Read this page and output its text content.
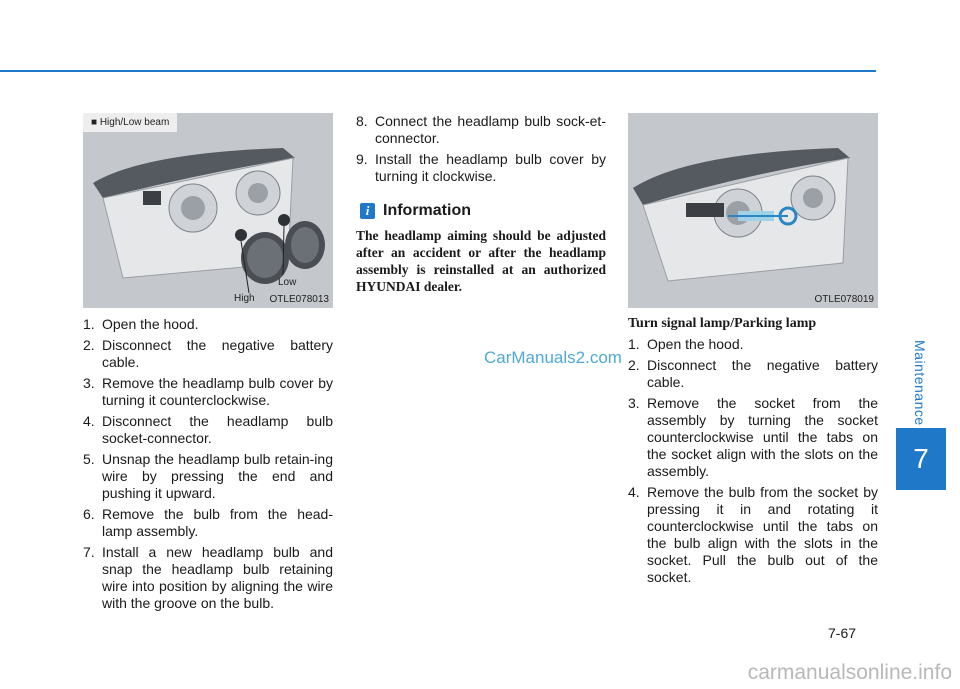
Maintenance
7
■ High/Low beam
High
Low
OTLE078013
1. Open the hood.
2. Disconnect the negative battery cable.
3. Remove the headlamp bulb cover by turning it counterclockwise.
4. Disconnect the headlamp bulb socket-connector.
5. Unsnap the headlamp bulb retain-ing wire by pressing the end and pushing it upward.
6. Remove the bulb from the head-lamp assembly.
7. Install a new headlamp bulb and snap the headlamp bulb retaining wire into position by aligning the wire with the groove on the bulb.
8. Connect the headlamp bulb sock-et-connector.
9. Install the headlamp bulb cover by turning it clockwise.
i Information
The headlamp aiming should be adjusted after an accident or after the headlamp assembly is reinstalled at an authorized HYUNDAI dealer.
OTLE078019
Turn signal lamp/Parking lamp
1. Open the hood.
2. Disconnect the negative battery cable.
3. Remove the socket from the assembly by turning the socket counterclockwise until the tabs on the socket align with the slots on the assembly.
4. Remove the bulb from the socket by pressing it in and rotating it counterclockwise until the tabs on the bulb align with the slots in the socket. Pull the bulb out of the socket.
CarManuals2.com
carmanualsonline.info
7-67
